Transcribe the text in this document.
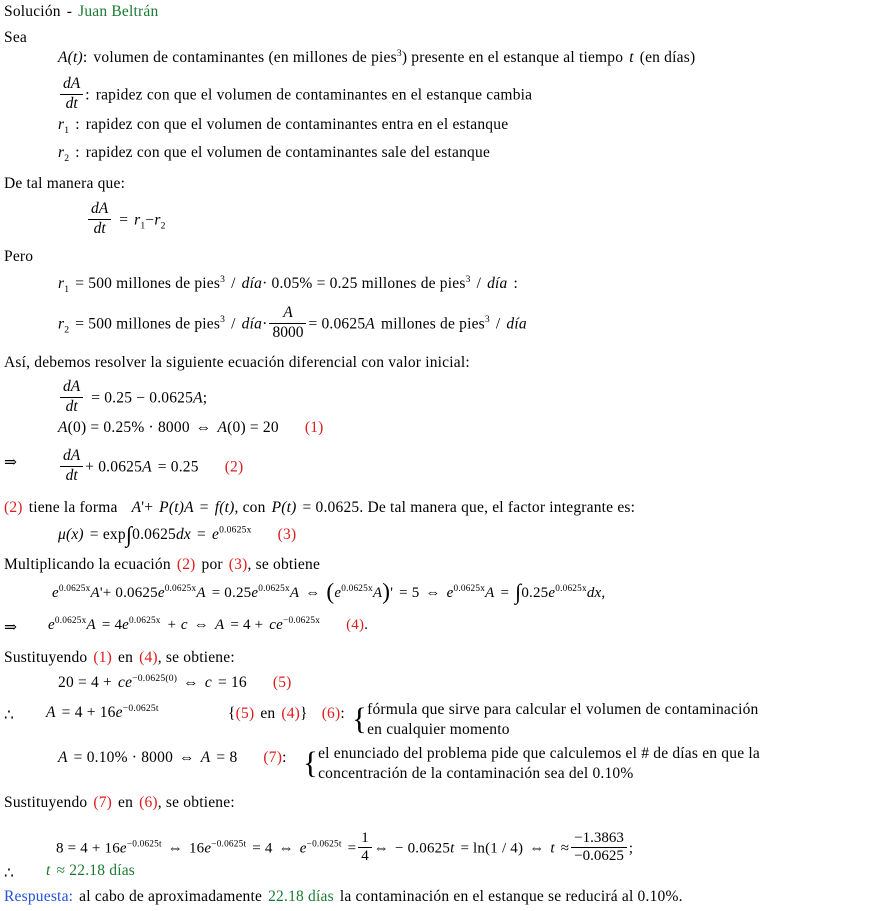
Solución - Juan Beltrán
Sea
A(t): volumen de contaminantes (en millones de pies$^3$) presente en el estanque al tiempo t (en días)
$\frac{dA}{dt}$ : rapidez con que el volumen de contaminantes en el estanque cambia
$r_1$ : rapidez con que el volumen de contaminantes entra en el estanque
$r_2$ : rapidez con que el volumen de contaminantes sale del estanque
De tal manera que:
$\frac{dA}{dt} = r_1-r_2$
Pero
$r_1 = 500$ millones de pies$^3$ / día· 0.05% = 0.25 millones de pies$^3$ / día :
$r_2 = 500$ millones de pies$^3$ / día· $\frac{A}{8000} = 0.0625A$ millones de pies$^3$ / día
Así, debemos resolver la siguiente ecuación diferencial con valor inicial:
$\frac{dA}{dt} = 0.25 - 0.0625A$;
A(0) = 0.25% · 8000 ⇔ A(0) = 20 (1)
⇒	$\frac{dA}{dt} + 0.0625A = 0.25$ (2)
(2) tiene la forma A'+ P(t)A = f(t), con P(t) = 0.0625. De tal manera que, el factor integrante es:
$\mu(x) = \exp\int 0.0625dx = e^{0.0625x}$ (3)
Multiplicando la ecuación (2) por (3), se obtiene
$e^{0.0625x}A'+ 0.0625e^{0.0625x}A = 0.25e^{0.0625x}A$ ⇔ $(e^{0.0625x}A)' = 5$ ⇔ $e^{0.0625x}A = \int 0.25e^{0.0625x}dx$,
⇒ $e^{0.0625x}A = 4e^{0.0625x} + c$ ⇔ $A = 4 + ce^{-0.0625x}$ (4).
Sustituyendo (1) en (4), se obtiene:
$20 = 4 + ce^{-0.0625(0)}$ ⇔ c = 16 (5)
∴ $A = 4 + 16e^{-0.0625t}$	{(5) en (4)} (6): { fórmula que sirve para calcular el volumen de contaminación
en cualquier momento
A = 0.10% · 8000 ⇔ A = 8 (7): { el enunciado del problema pide que calculemos el # de días en que la
concentración de la contaminación sea del 0.10%
Sustituyendo (7) en (6), se obtiene:
$8 = 4 + 16e^{-0.0625t}$ ⇔ $16e^{-0.0625t} = 4$ ⇔ $e^{-0.0625t} = \frac{1}{4}$ ⇔ − 0.0625t = ln(1 / 4) ⇔ $t \approx \frac{-1.3863}{-0.0625}$ ;
∴ t ≈ 22.18 días
Respuesta: al cabo de aproximadamente 22.18 días la contaminación en el estanque se reducirá al 0.10%.
